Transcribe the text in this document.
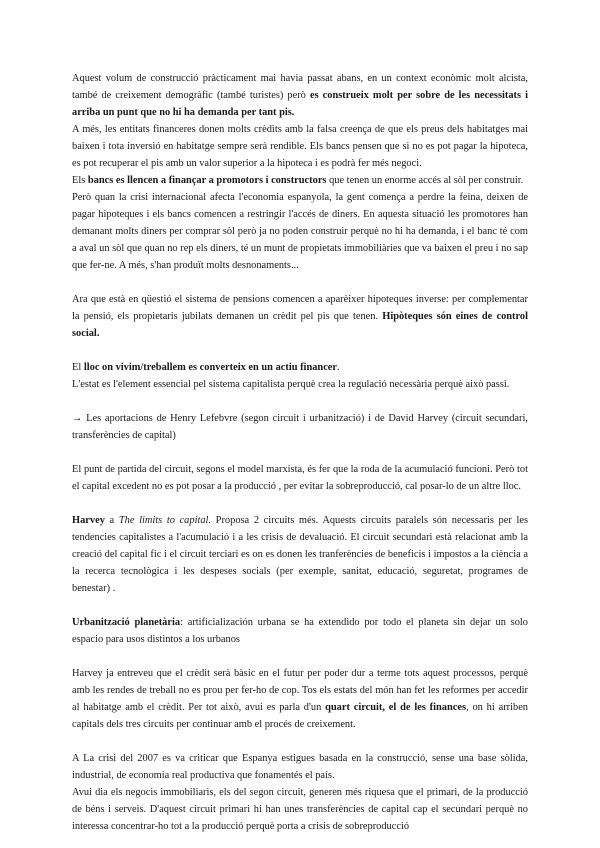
Aquest volum de construcció pràcticament mai havia passat abans, en un context econòmic molt alcista, també de creixement demogràfic (també turistes) però es construeix molt per sobre de les necessitats i arriba un punt que no hi ha demanda per tant pis.

A més, les entitats financeres donen molts crèdits amb la falsa creença de que els preus dels habitatges mai baixen i tota inversió en habitatge sempre serà rendible. Els bancs pensen que si no es pot pagar la hipoteca, es pot recuperar el pis amb un valor superior a la hipoteca i es podrà fer més negoci.

Els bancs es llencen a finançar a promotors i constructors que tenen un enorme accés al sòl per construir.

Però quan la crisi internacional afecta l'economia espanyola, la gent comença a perdre la feina, deixen de pagar hipoteques i els bancs comencen a restringir l'accés de diners. En aquesta situació les promotores han demanant molts diners per comprar sòl però ja no poden construir perquè no hi ha demanda, i el banc té com a aval un sòl que quan no rep els diners, té un munt de propietats immobiliàries que va baixen el preu i no sap que fer-ne. A més, s'han produït molts desnonaments...

Ara que està en qüestió el sistema de pensions comencen a aparèixer hipoteques inverse: per complementar la pensió, els propietaris jubilats demanen un crèdit pel pis que tenen. Hipòteques són eines de control social.

El lloc on vivim/treballem es converteix en un actiu financer.

L'estat es l'element essencial pel sistema capitalista perquè crea la regulació necessària perquè això passi.

→ Les aportacions de Henry Lefebvre (segon circuit i urbanització) i de David Harvey (circuit secundari, transferències de capital)

El punt de partida del circuit, segons el model marxista, és fer que la roda de la acumulació funcioni. Però tot el capital excedent no es pot posar a la producció , per evitar la sobreproducció, cal posar-lo de un altre lloc.

Harvey a The limits to capital. Proposa 2 circuits més. Aquests circuits paralels són necessaris per les tendencies capitalistes a l'acumulació i a les crisis de devaluació. El circuit secundari està relacionat amb la creació del capital fic i el circuit terciari es on es donen les tranferències de beneficis i impostos a la ciència a la recerca tecnològica i les despeses socials (per exemple, sanitat, educació, seguretat, programes de benestar) .

Urbanització planetària: artificialización urbana se ha extendido por todo el planeta sin dejar un solo espacio para usos distintos a los urbanos

Harvey ja entreveu que el crèdit serà bàsic en el futur per poder dur a terme tots aquest processos, perquè amb les rendes de treball no es prou per fer-ho de cop. Tos els estats del món han fet les reformes per accedir al habitatge amb el crèdit. Per tot això, avui es parla d'un quart circuit, el de les finances, on hi arriben capitals dels tres circuits per continuar amb el procés de creixement.

A La crisi del 2007 es va criticar que Espanya estigues basada en la construcció, sense una base sòlida, industrial, de economia real productiva que fonamentés el país.

Avui dia els negocis immobiliaris, els del segon circuit, generen més riquesa que el primari, de la producció de béns i serveis. D'aquest circuit primari hi han unes transferències de capital cap el secundari perquè no interessa concentrar-ho tot a la producció perquè porta a crisis de sobreproducció
